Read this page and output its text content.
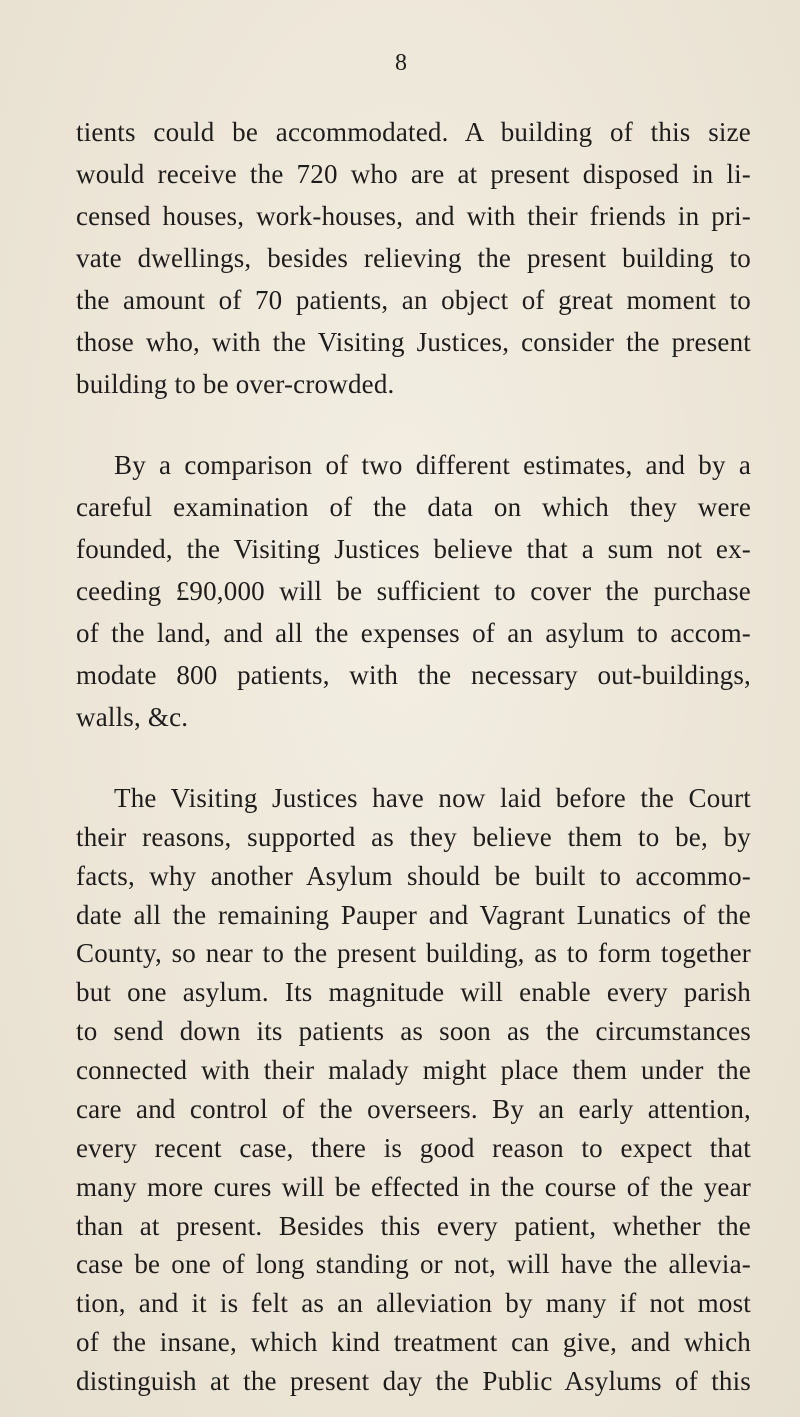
8
tients could be accommodated. A building of this size
would receive the 720 who are at present disposed in li-
censed houses, work-houses, and with their friends in pri-
vate dwellings, besides relieving the present building to
the amount of 70 patients, an object of great moment to
those who, with the Visiting Justices, consider the present
building to be over-crowded.
By a comparison of two different estimates, and by a
careful examination of the data on which they were
founded, the Visiting Justices believe that a sum not ex-
ceeding £90,000 will be sufficient to cover the purchase
of the land, and all the expenses of an asylum to accom-
modate 800 patients, with the necessary out-buildings,
walls, &c.
The Visiting Justices have now laid before the Court
their reasons, supported as they believe them to be, by
facts, why another Asylum should be built to accommo-
date all the remaining Pauper and Vagrant Lunatics of the
County, so near to the present building, as to form together
but one asylum. Its magnitude will enable every parish
to send down its patients as soon as the circumstances
connected with their malady might place them under the
care and control of the overseers. By an early attention,
every recent case, there is good reason to expect that
many more cures will be effected in the course of the year
than at present. Besides this every patient, whether the
case be one of long standing or not, will have the allevia-
tion, and it is felt as an alleviation by many if not most
of the insane, which kind treatment can give, and which
distinguish at the present day the Public Asylums of this
